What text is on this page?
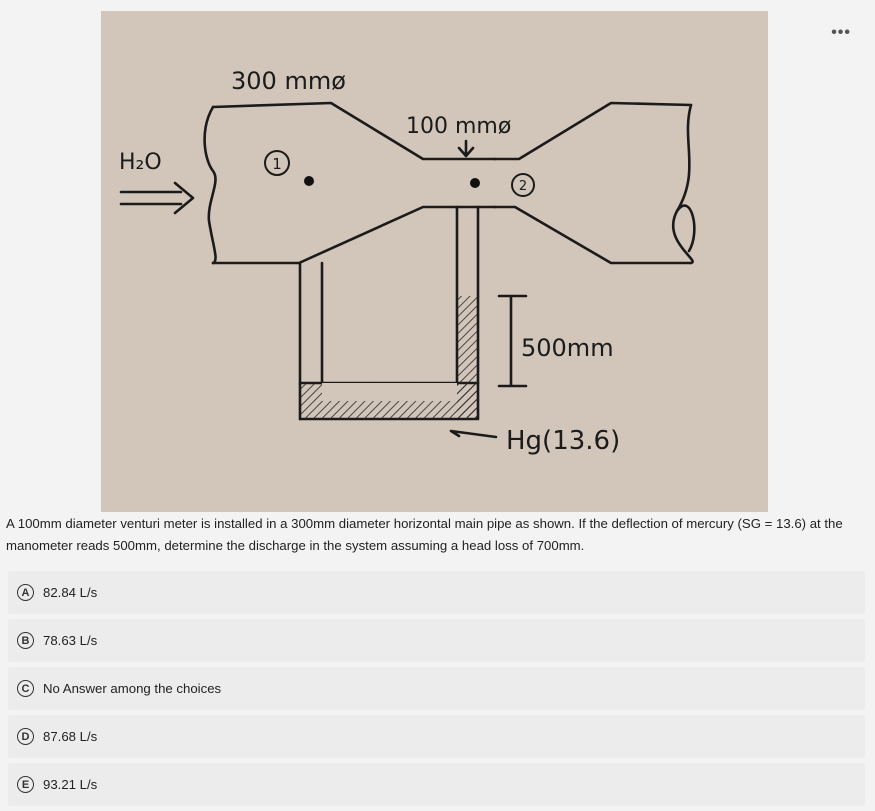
•••
1
2
300 mmø
100 mmø
H₂O
500mm
Hg(13.6)
A 100mm diameter venturi meter is installed in a 300mm diameter horizontal main pipe as shown. If the deflection of mercury (SG = 13.6) at the manometer reads 500mm, determine the discharge in the system assuming a head loss of 700mm.
A	82.84 L/s
B	78.63 L/s
C	No Answer among the choices
D	87.68 L/s
E	93.21 L/s
